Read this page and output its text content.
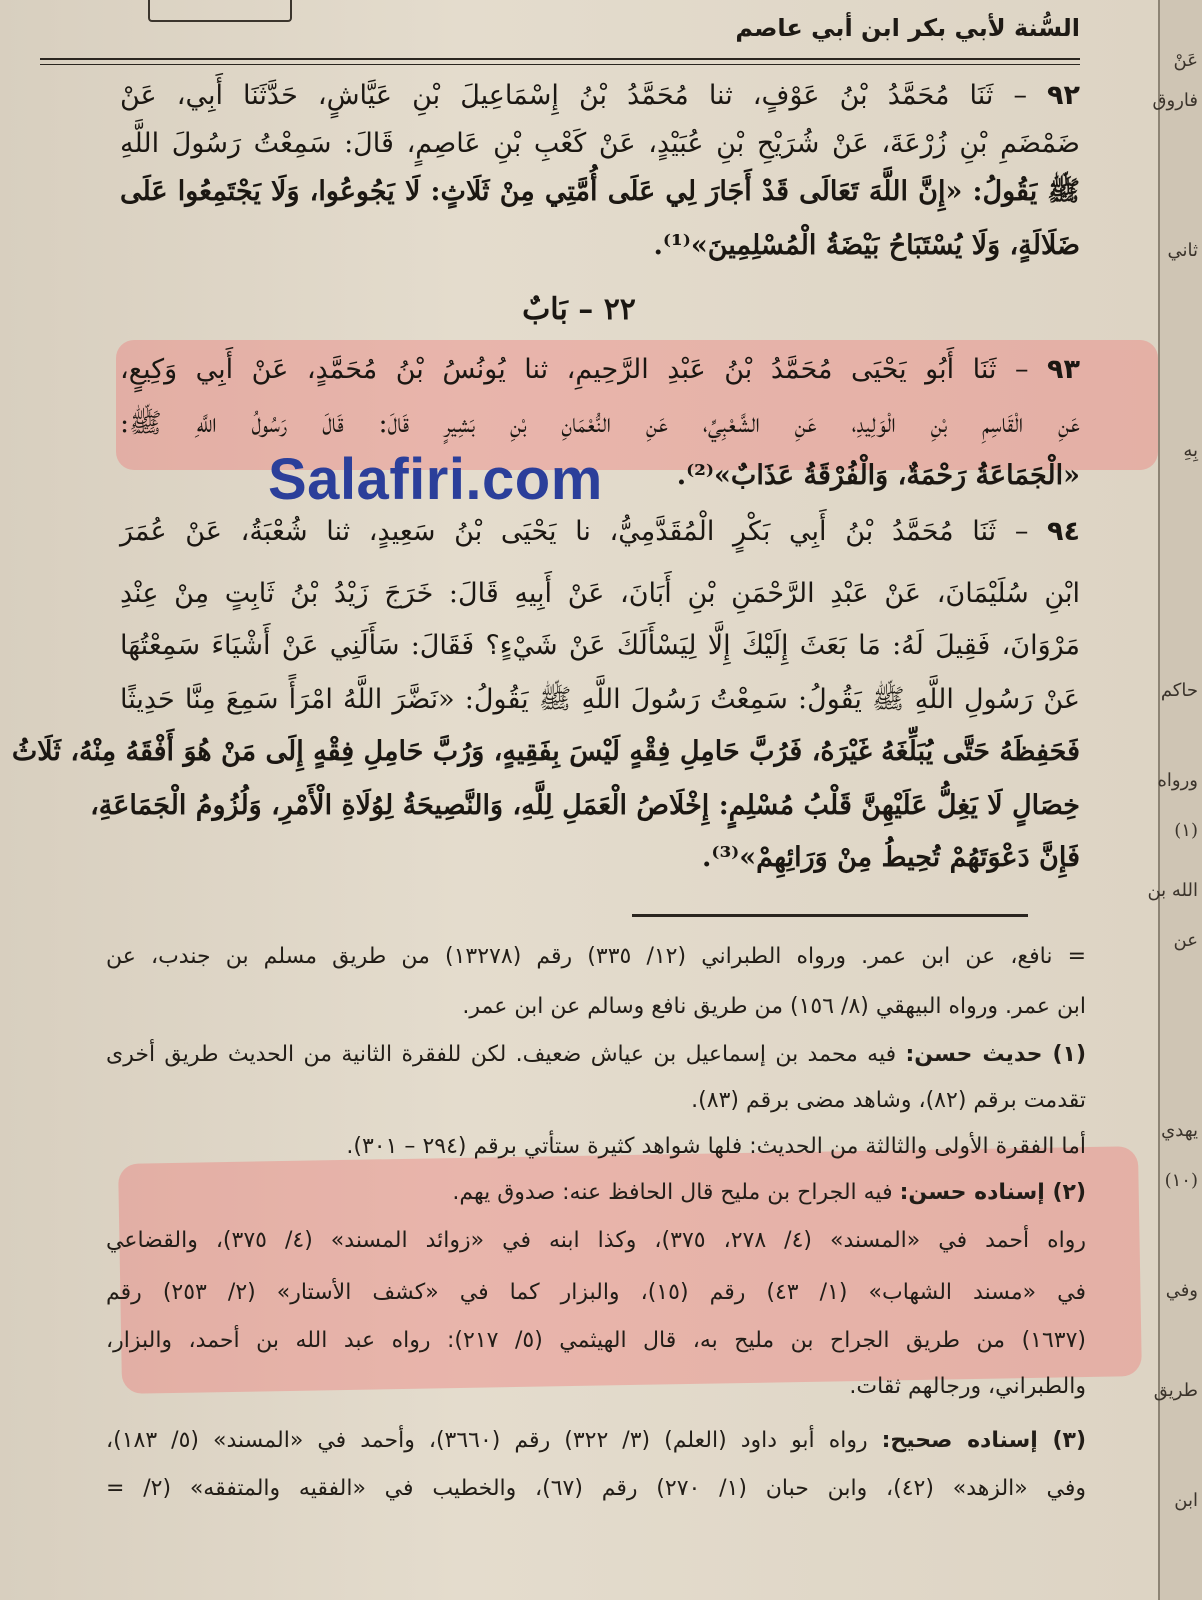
السُّنة لأبي بكر ابن أبي عاصم
٩٢ – ثَنَا مُحَمَّدُ بْنُ عَوْفٍ، ثنا مُحَمَّدُ بْنُ إِسْمَاعِيلَ بْنِ عَيَّاشٍ، حَدَّثَنَا أَبِي، عَنْ
ضَمْضَمِ بْنِ زُرْعَةَ، عَنْ شُرَيْحِ بْنِ عُبَيْدٍ، عَنْ كَعْبِ بْنِ عَاصِمٍ، قَالَ: سَمِعْتُ رَسُولَ اللَّهِ
ﷺ يَقُولُ: «إِنَّ اللَّهَ تَعَالَى قَدْ أَجَارَ لِي عَلَى أُمَّتِي مِنْ ثَلَاثٍ: لَا يَجُوعُوا، وَلَا يَجْتَمِعُوا عَلَى
ضَلَالَةٍ، وَلَا يُسْتَبَاحُ بَيْضَةُ الْمُسْلِمِينَ»⁽¹⁾.
٢٢ – بَابٌ
٩٣ – ثَنَا أَبُو يَحْيَى مُحَمَّدُ بْنُ عَبْدِ الرَّحِيمِ، ثنا يُونُسُ بْنُ مُحَمَّدٍ، عَنْ أَبِي وَكِيعٍ،
عَنِ الْقَاسِمِ بْنِ الْوَلِيدِ، عَنِ الشَّعْبِيِّ، عَنِ النُّعْمَانِ بْنِ بَشِيرٍ قَالَ: قَالَ رَسُولُ اللَّهِ ﷺ:
«الْجَمَاعَةُ رَحْمَةٌ، وَالْفُرْقَةُ عَذَابٌ»⁽²⁾.
Salafiri.com
٩٤ – ثَنَا مُحَمَّدُ بْنُ أَبِي بَكْرٍ الْمُقَدَّمِيُّ، نا يَحْيَى بْنُ سَعِيدٍ، ثنا شُعْبَةُ، عَنْ عُمَرَ
ابْنِ سُلَيْمَانَ، عَنْ عَبْدِ الرَّحْمَنِ بْنِ أَبَانَ، عَنْ أَبِيهِ قَالَ: خَرَجَ زَيْدُ بْنُ ثَابِتٍ مِنْ عِنْدِ
مَرْوَانَ، فَقِيلَ لَهُ: مَا بَعَثَ إِلَيْكَ إِلَّا لِيَسْأَلَكَ عَنْ شَيْءٍ؟ فَقَالَ: سَأَلَنِي عَنْ أَشْيَاءَ سَمِعْتُهَا
عَنْ رَسُولِ اللَّهِ ﷺ يَقُولُ: سَمِعْتُ رَسُولَ اللَّهِ ﷺ يَقُولُ: «نَضَّرَ اللَّهُ امْرَأً سَمِعَ مِنَّا حَدِيثًا
فَحَفِظَهُ حَتَّى يُبَلِّغَهُ غَيْرَهُ، فَرُبَّ حَامِلِ فِقْهٍ لَيْسَ بِفَقِيهٍ، وَرُبَّ حَامِلِ فِقْهٍ إِلَى مَنْ هُوَ أَفْقَهُ مِنْهُ، ثَلَاثُ
خِصَالٍ لَا يَغِلُّ عَلَيْهِنَّ قَلْبُ مُسْلِمٍ: إِخْلَاصُ الْعَمَلِ لِلَّهِ، وَالنَّصِيحَةُ لِوُلَاةِ الْأَمْرِ، وَلُزُومُ الْجَمَاعَةِ،
فَإِنَّ دَعْوَتَهُمْ تُحِيطُ مِنْ وَرَائِهِمْ»⁽³⁾.
= نافع، عن ابن عمر. ورواه الطبراني (١٢/ ٣٣٥) رقم (١٣٢٧٨) من طريق مسلم بن جندب، عن
ابن عمر. ورواه البيهقي (٨/ ١٥٦) من طريق نافع وسالم عن ابن عمر.
(١) حديث حسن: فيه محمد بن إسماعيل بن عياش ضعيف. لكن للفقرة الثانية من الحديث طريق أخرى
تقدمت برقم (٨٢)، وشاهد مضى برقم (٨٣).
أما الفقرة الأولى والثالثة من الحديث: فلها شواهد كثيرة ستأتي برقم (٢٩٤ – ٣٠١).
(٢) إسناده حسن: فيه الجراح بن مليح قال الحافظ عنه: صدوق يهم.
رواه أحمد في «المسند» (٤/ ٢٧٨، ٣٧٥)، وكذا ابنه في «زوائد المسند» (٤/ ٣٧٥)، والقضاعي
في «مسند الشهاب» (١/ ٤٣) رقم (١٥)، والبزار كما في «كشف الأستار» (٢/ ٢٥٣) رقم
(١٦٣٧) من طريق الجراح بن مليح به، قال الهيثمي (٥/ ٢١٧): رواه عبد الله بن أحمد، والبزار،
والطبراني، ورجالهم ثقات.
(٣) إسناده صحيح: رواه أبو داود (العلم) (٣/ ٣٢٢) رقم (٣٦٦٠)، وأحمد في «المسند» (٥/ ١٨٣)،
وفي «الزهد» (٤٢)، وابن حبان (١/ ٢٧٠) رقم (٦٧)، والخطيب في «الفقيه والمتفقه» (٢/ =
عَنْ
فاروق
ثاني
بِهِ
حاكم
ورواه
(١)
الله بن
عن
يهدي
(١٠)
وفي
طريق
ابن
